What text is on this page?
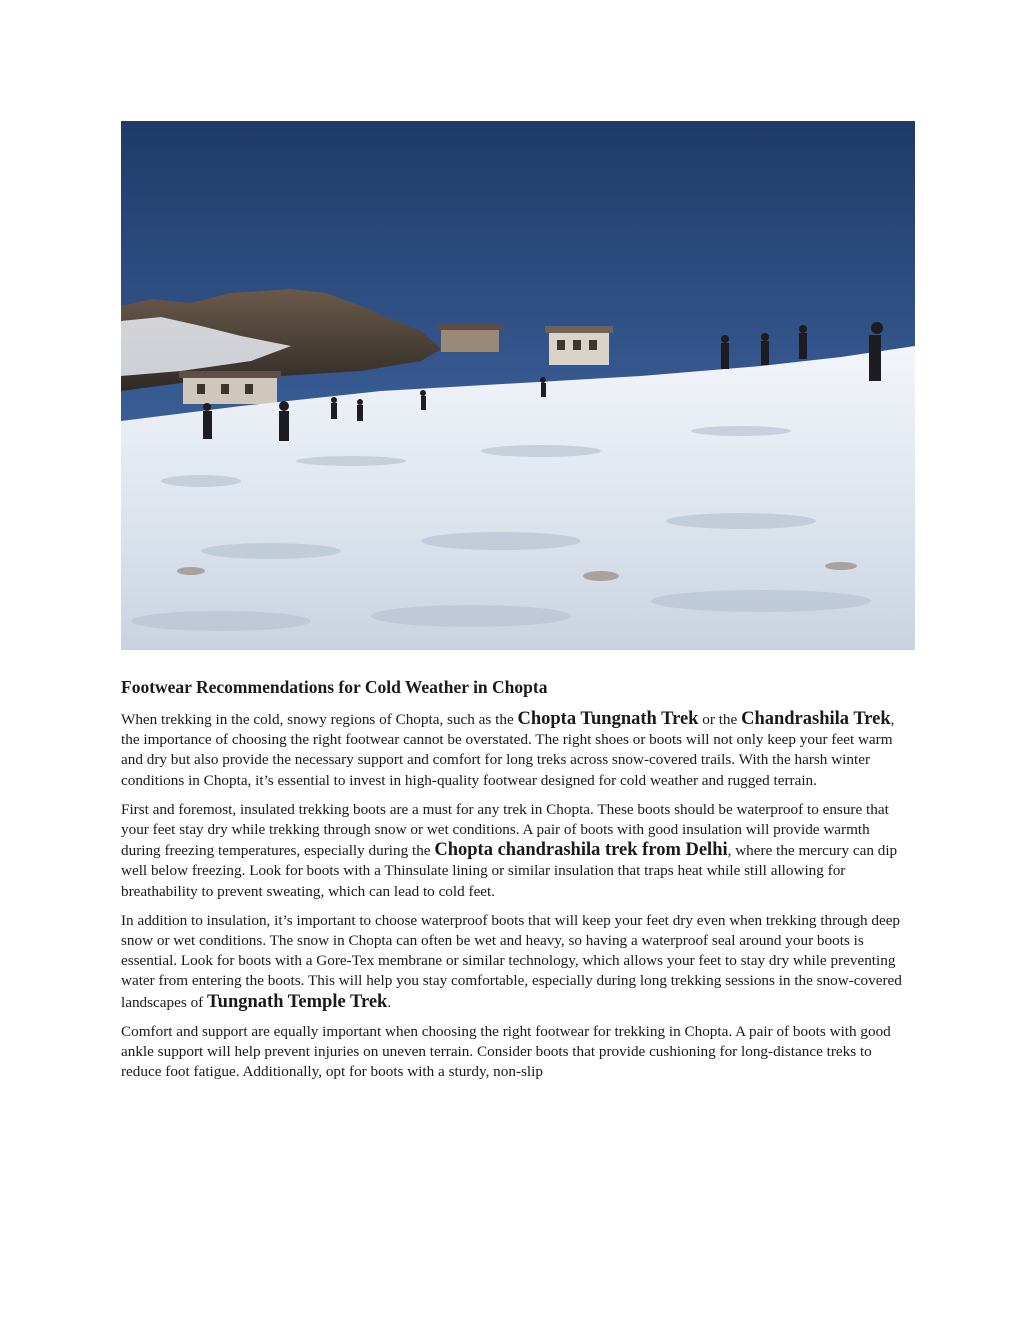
Footwear Recommendations for Cold Weather in Chopta

When trekking in the cold, snowy regions of Chopta, such as the Chopta Tungnath Trek or the Chandrashila Trek, the importance of choosing the right footwear cannot be overstated. The right shoes or boots will not only keep your feet warm and dry but also provide the necessary support and comfort for long treks across snow-covered trails. With the harsh winter conditions in Chopta, it’s essential to invest in high-quality footwear designed for cold weather and rugged terrain.

First and foremost, insulated trekking boots are a must for any trek in Chopta. These boots should be waterproof to ensure that your feet stay dry while trekking through snow or wet conditions. A pair of boots with good insulation will provide warmth during freezing temperatures, especially during the Chopta chandrashila trek from Delhi, where the mercury can dip well below freezing. Look for boots with a Thinsulate lining or similar insulation that traps heat while still allowing for breathability to prevent sweating, which can lead to cold feet.

In addition to insulation, it’s important to choose waterproof boots that will keep your feet dry even when trekking through deep snow or wet conditions. The snow in Chopta can often be wet and heavy, so having a waterproof seal around your boots is essential. Look for boots with a Gore-Tex membrane or similar technology, which allows your feet to stay dry while preventing water from entering the boots. This will help you stay comfortable, especially during long trekking sessions in the snow-covered landscapes of Tungnath Temple Trek.

Comfort and support are equally important when choosing the right footwear for trekking in Chopta. A pair of boots with good ankle support will help prevent injuries on uneven terrain. Consider boots that provide cushioning for long-distance treks to reduce foot fatigue. Additionally, opt for boots with a sturdy, non-slip
